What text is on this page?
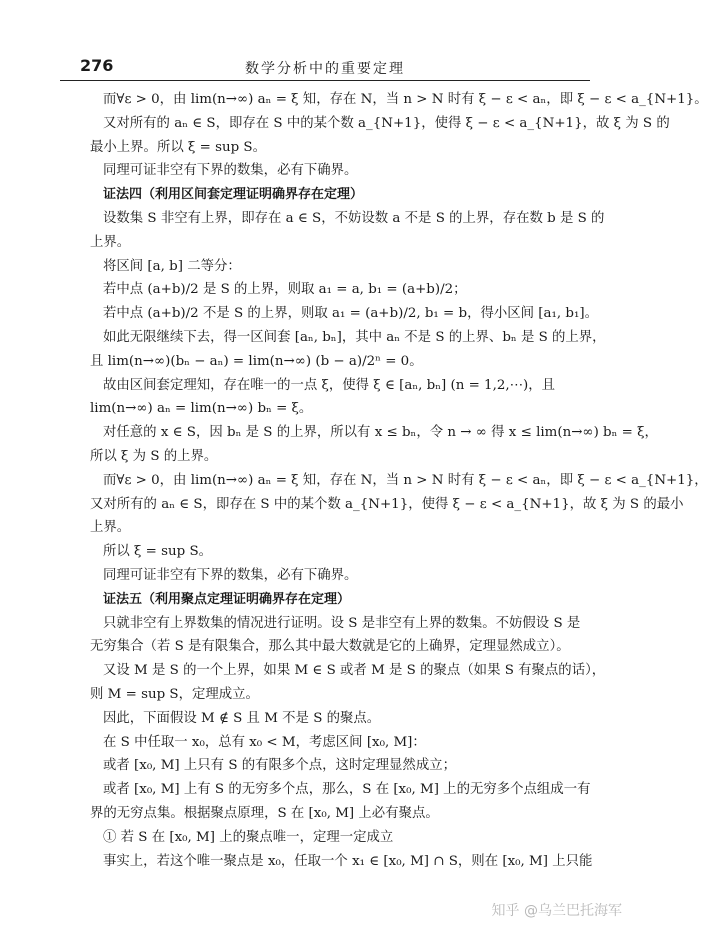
276	数学分析中的重要定理
而∀ε > 0，由 lim(n→∞) aₙ = ξ 知，存在 N，当 n > N 时有 ξ − ε < aₙ，即 ξ − ε < a_{N+1}。
又对所有的 aₙ ∈ S，即存在 S 中的某个数 a_{N+1}，使得 ξ − ε < a_{N+1}，故 ξ 为 S 的
最小上界。所以 ξ = sup S。
同理可证非空有下界的数集，必有下确界。
证法四（利用区间套定理证明确界存在定理）
设数集 S 非空有上界，即存在 a ∈ S，不妨设数 a 不是 S 的上界，存在数 b 是 S 的
上界。
将区间 [a, b] 二等分：
若中点 (a+b)/2 是 S 的上界，则取 a₁ = a, b₁ = (a+b)/2；
若中点 (a+b)/2 不是 S 的上界，则取 a₁ = (a+b)/2, b₁ = b，得小区间 [a₁, b₁]。
如此无限继续下去，得一区间套 [aₙ, bₙ]，其中 aₙ 不是 S 的上界、bₙ 是 S 的上界，
且 lim(n→∞)(bₙ − aₙ) = lim(n→∞) (b − a)/2ⁿ = 0。
故由区间套定理知，存在唯一的一点 ξ，使得 ξ ∈ [aₙ, bₙ] (n = 1,2,⋯)，且
lim(n→∞) aₙ = lim(n→∞) bₙ = ξ。
对任意的 x ∈ S，因 bₙ 是 S 的上界，所以有 x ≤ bₙ，令 n → ∞ 得 x ≤ lim(n→∞) bₙ = ξ，
所以 ξ 为 S 的上界。
而∀ε > 0，由 lim(n→∞) aₙ = ξ 知，存在 N，当 n > N 时有 ξ − ε < aₙ，即 ξ − ε < a_{N+1}，
又对所有的 aₙ ∈ S，即存在 S 中的某个数 a_{N+1}，使得 ξ − ε < a_{N+1}，故 ξ 为 S 的最小
上界。
所以 ξ = sup S。
同理可证非空有下界的数集，必有下确界。
证法五（利用聚点定理证明确界存在定理）
只就非空有上界数集的情况进行证明。设 S 是非空有上界的数集。不妨假设 S 是
无穷集合（若 S 是有限集合，那么其中最大数就是它的上确界，定理显然成立）。
又设 M 是 S 的一个上界，如果 M ∈ S 或者 M 是 S 的聚点（如果 S 有聚点的话），
则 M = sup S，定理成立。
因此，下面假设 M ∉ S 且 M 不是 S 的聚点。
在 S 中任取一 x₀，总有 x₀ < M，考虑区间 [x₀, M]：
或者 [x₀, M] 上只有 S 的有限多个点，这时定理显然成立；
或者 [x₀, M] 上有 S 的无穷多个点，那么，S 在 [x₀, M] 上的无穷多个点组成一有
界的无穷点集。根据聚点原理，S 在 [x₀, M] 上必有聚点。
① 若 S 在 [x₀, M] 上的聚点唯一，定理一定成立
事实上，若这个唯一聚点是 x₀，任取一个 x₁ ∈ [x₀, M] ∩ S，则在 [x₀, M] 上只能
知乎 @乌兰巴托海军
